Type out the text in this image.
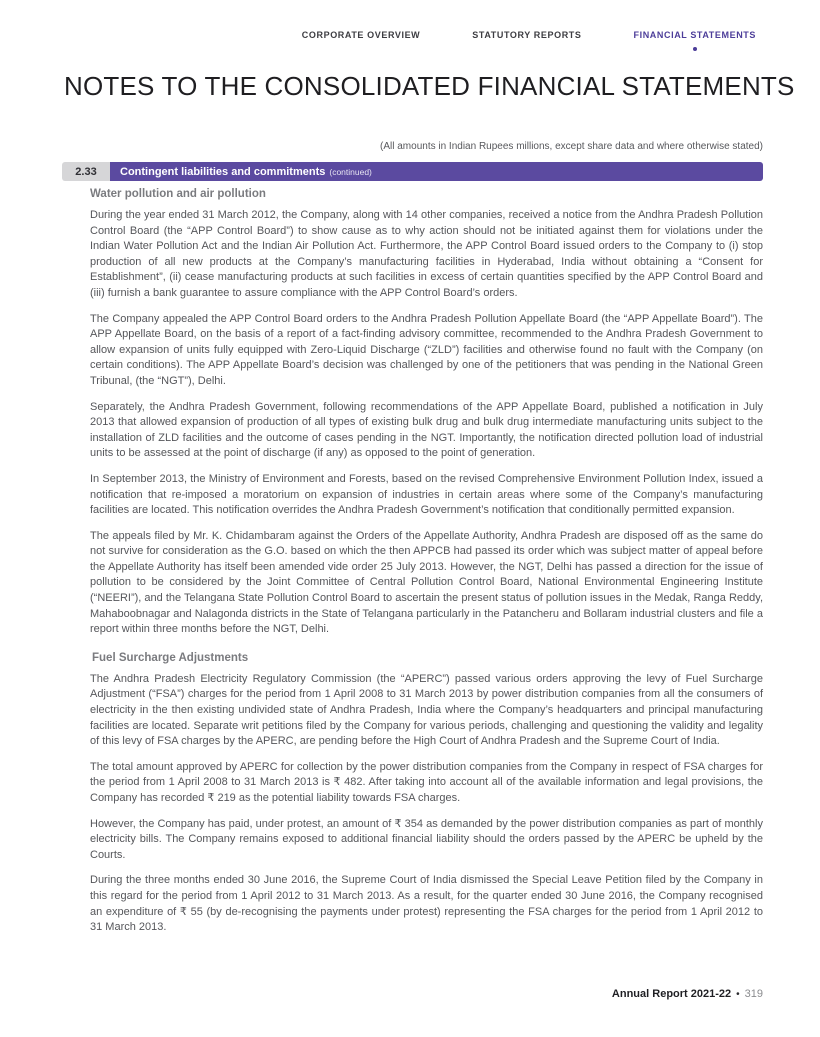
CORPORATE OVERVIEW	STATUTORY REPORTS	FINANCIAL STATEMENTS
NOTES TO THE CONSOLIDATED FINANCIAL STATEMENTS
(All amounts in Indian Rupees millions, except share data and where otherwise stated)
2.33	Contingent liabilities and commitments (continued)
Water pollution and air pollution

During the year ended 31 March 2012, the Company, along with 14 other companies, received a notice from the Andhra Pradesh Pollution Control Board (the “APP Control Board”) to show cause as to why action should not be initiated against them for violations under the Indian Water Pollution Act and the Indian Air Pollution Act. Furthermore, the APP Control Board issued orders to the Company to (i) stop production of all new products at the Company’s manufacturing facilities in Hyderabad, India without obtaining a “Consent for Establishment”, (ii) cease manufacturing products at such facilities in excess of certain quantities specified by the APP Control Board and (iii) furnish a bank guarantee to assure compliance with the APP Control Board’s orders.

The Company appealed the APP Control Board orders to the Andhra Pradesh Pollution Appellate Board (the “APP Appellate Board”). The APP Appellate Board, on the basis of a report of a fact-finding advisory committee, recommended to the Andhra Pradesh Government to allow expansion of units fully equipped with Zero-Liquid Discharge (“ZLD”) facilities and otherwise found no fault with the Company (on certain conditions). The APP Appellate Board’s decision was challenged by one of the petitioners that was pending in the National Green Tribunal, (the “NGT”), Delhi.

Separately, the Andhra Pradesh Government, following recommendations of the APP Appellate Board, published a notification in July 2013 that allowed expansion of production of all types of existing bulk drug and bulk drug intermediate manufacturing units subject to the installation of ZLD facilities and the outcome of cases pending in the NGT. Importantly, the notification directed pollution load of industrial units to be assessed at the point of discharge (if any) as opposed to the point of generation.

In September 2013, the Ministry of Environment and Forests, based on the revised Comprehensive Environment Pollution Index, issued a notification that re-imposed a moratorium on expansion of industries in certain areas where some of the Company’s manufacturing facilities are located. This notification overrides the Andhra Pradesh Government’s notification that conditionally permitted expansion.

The appeals filed by Mr. K. Chidambaram against the Orders of the Appellate Authority, Andhra Pradesh are disposed off as the same do not survive for consideration as the G.O. based on which the then APPCB had passed its order which was subject matter of appeal before the Appellate Authority has itself been amended vide order 25 July 2013. However, the NGT, Delhi has passed a direction for the issue of pollution to be considered by the Joint Committee of Central Pollution Control Board, National Environmental Engineering Institute (“NEERI”), and the Telangana State Pollution Control Board to ascertain the present status of pollution issues in the Medak, Ranga Reddy, Mahaboobnagar and Nalagonda districts in the State of Telangana particularly in the Patancheru and Bollaram industrial clusters and file a report within three months before the NGT, Delhi.

Fuel Surcharge Adjustments

The Andhra Pradesh Electricity Regulatory Commission (the “APERC”) passed various orders approving the levy of Fuel Surcharge Adjustment (“FSA”) charges for the period from 1 April 2008 to 31 March 2013 by power distribution companies from all the consumers of electricity in the then existing undivided state of Andhra Pradesh, India where the Company’s headquarters and principal manufacturing facilities are located. Separate writ petitions filed by the Company for various periods, challenging and questioning the validity and legality of this levy of FSA charges by the APERC, are pending before the High Court of Andhra Pradesh and the Supreme Court of India.

The total amount approved by APERC for collection by the power distribution companies from the Company in respect of FSA charges for the period from 1 April 2008 to 31 March 2013 is ₹ 482. After taking into account all of the available information and legal provisions, the Company has recorded ₹ 219 as the potential liability towards FSA charges.

However, the Company has paid, under protest, an amount of ₹ 354 as demanded by the power distribution companies as part of monthly electricity bills. The Company remains exposed to additional financial liability should the orders passed by the APERC be upheld by the Courts.

During the three months ended 30 June 2016, the Supreme Court of India dismissed the Special Leave Petition filed by the Company in this regard for the period from 1 April 2012 to 31 March 2013. As a result, for the quarter ended 30 June 2016, the Company recognised an expenditure of ₹ 55 (by de-recognising the payments under protest) representing the FSA charges for the period from 1 April 2012 to 31 March 2013.

Annual Report 2021-22 • 319
